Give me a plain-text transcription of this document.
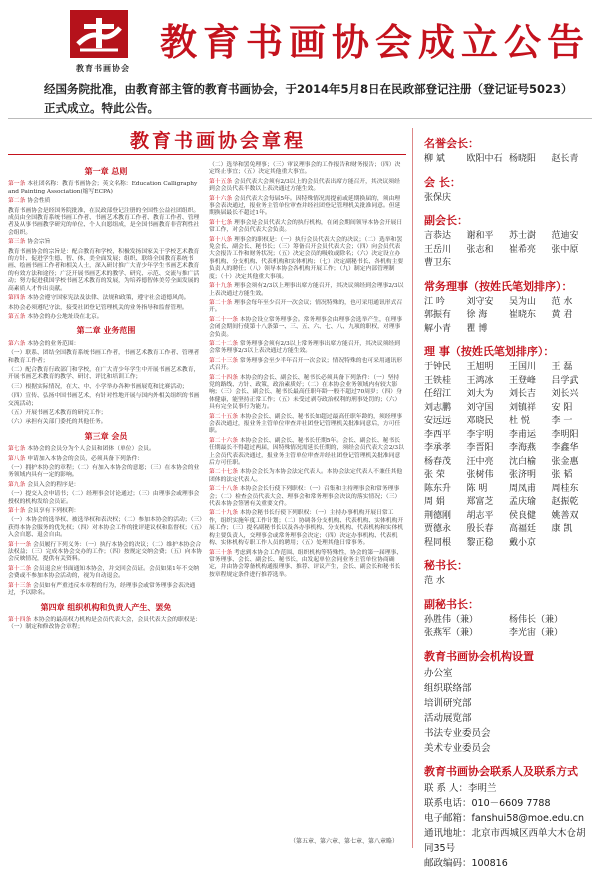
教育书画协会
教育书画协会成立公告
经国务院批准，由教育部主管的教育书画协会，于2014年5月8日在民政部登记注册（登记证号5023）
正式成立。特此公告。
教育书画协会章程
第一章 总则
第一条 本社团名称：教育书画协会；英文名称：Education Calligraphy and Painting Association(缩写ECPA)
第二条 协会性质
教育书画协会是经国务院批准，在民政部登记注册的全国性公益社团组织。成员由全国教育系统书画工作者、书画艺术教育工作者、教育工作者、管理者及从事书画教学研究的单位、个人自愿组成，是全国书画教育非营利性社会组织。
第三条 协会宗旨
教育书画协会的宗旨是：配合教育和学校，积极发扬国家关于学校艺术教育的方针、促进学生德、智、体、美全面发展；组织、联络全国教育系统书画、绘画书画工作者和相关人士，深入研讨推广大青少年学生书画艺术教育的有效方法和途径；广泛开展书画艺术的教学、研究、示范、交流与推广活动；努力促进我国学校书画艺术教育的发展，为培养德智体美劳全面发展的高素质人才作出贡献。
第四条 本协会遵守国家宪法及法律、法规和政策，遵守社会道德风尚。
本协会必须遵纪守法，接受社团登记管理机关的业务指导和监督管理。
第五条 本协会的办公地址设在北京。
第二章 业务范围
第六条 本协会的业务范围：
（一）联系、团结全国教育系统书画工作者，书画艺术教育工作者、管理者和教育工作者；
（二）配合教育行政部门和学校，在广大青少年学生中开展书画艺术教育，开展书画艺术教育的教学、研讨、评比和培训工作；
（三）根据实际情况，在大、中、小学举办各种书画展览和比赛活动；
（四）宣传、弘扬中国书画艺术，有针对性地开展与国内外相关组织的书画交流活动；
（五）开展书画艺术教育的研究工作；
（六）承担有关部门委托的其他任务。
第三章 会员
第七条 本协会的会员分为个人会员和团体（单位）会员。
第八条 申请加入本协会的会员，必须具备下列条件：
（一）拥护本协会的章程；（二）有加入本协会的意愿；（三）在本协会的业务领域内具有一定的影响。
第九条 会员入会的程序是：
（一）提交入会申请书；（二）经理事会讨论通过；（三）由理事会或理事会授权的机构发给会员证。
第十条 会员享有下列权利：
（一）本协会的选举权、被选举权和表决权；（二）参加本协会的活动；（三）获得本协会服务的优先权；（四）对本协会工作的批评建议权和监督权；（五）入会自愿、退会自由。
第十一条 会员履行下列义务：（一）执行本协会的决议；（二）维护本协会合法权益；（三）完成本协会交办的工作；（四）按规定交纳会费；（五）向本协会反映情况，提供有关资料。
第十二条 会员退会应书面通知本协会，并交回会员证。会员如果1年不交纳会费或不参加本协会活动的，视为自动退会。
第十三条 会员如有严重违反本章程的行为，经理事会或常务理事会表决通过，予以除名。
第四章 组织机构和负责人产生、罢免
第十四条 本协会的最高权力机构是会员代表大会，会员代表大会的职权是：（一）制定和修改协会章程；
（二）选举和罢免理事；（三）审议理事会的工作报告和财务报告；（四）决定终止事宜；（五）决定其他重大事宜。
第十五条 会员代表大会须有2/3以上的会员代表出席方能召开，其决议须经到会会员代表半数以上表决通过方能生效。
第十六条 会员代表大会每届5年。因特殊情况需提前或延期换届的，须由理事会表决通过，报业务主管单位审查并经社团登记管理机关批准同意。但延期换届最长不超过1年。
第十七条 理事会是会员代表大会的执行机构，在闭会期间领导本协会开展日常工作，对会员代表大会负责。
第十八条 理事会的职权是：（一）执行会员代表大会的决议；（二）选举和罢免会长、副会长、秘书长；（三）筹备召开会员代表大会；（四）向会员代表大会报告工作和财务状况；（五）决定会员的吸收或除名；（六）决定设立办事机构、分支机构、代表机构和实体机构；（七）决定副秘书长、各机构主要负责人的聘任；（八）领导本协会各机构开展工作；（九）制定内部管理制度；（十）决定其他重大事项。
第十九条 理事会须有2/3以上理事出席方能召开，其决议须经到会理事2/3以上表决通过方能生效。
第二十条 理事会每年至少召开一次会议；情况特殊的，也可采用通讯形式召开。
第二十一条 本协会设立常务理事会。常务理事会由理事会选举产生，在理事会闭会期间行使第十八条第一、三、五、六、七、八、九项的职权，对理事会负责。
第二十二条 常务理事会须有2/3以上常务理事出席方能召开，其决议须经到会常务理事2/3以上表决通过方能生效。
第二十三条 常务理事会至少半年召开一次会议；情况特殊的也可采用通讯形式召开。
第二十四条 本协会的会长、副会长、秘书长必须具备下列条件：（一）坚持党的路线、方针、政策，政治素质好；（二）在本协会业务领域内有较大影响；（三）会长、副会长、秘书长最高任职年龄一般不超过70周岁；（四）身体健康，能坚持正常工作；（五）未受过剥夺政治权利的刑事处罚的；（六）具有完全民事行为能力。
第二十五条 本协会会长、副会长、秘书长如超过最高任职年龄的，须经理事会表决通过，报业务主管单位审查并社团登记管理机关批准同意后，方可任职。
第二十六条 本协会会长、副会长、秘书长任期5年。会长、副会长、秘书长任期最长不得超过两届，因特殊情况需延长任期的，须经会员代表大会2/3以上会员代表表决通过，报业务主管单位审查并经社团登记管理机关批准同意后方可任职。
第二十七条 本协会会长为本协会法定代表人。本协会法定代表人不兼任其他团体的法定代表人。
第二十八条 本协会会长行使下列职权：（一）召集和主持理事会和常务理事会；（二）检查会员代表大会、理事会和常务理事会决议的落实情况；（三）代表本协会签署有关重要文件。
第二十九条 本协会秘书长行使下列职权：（一）主持办事机构开展日常工作，组织实施年度工作计划；（二）协调各分支机构、代表机构、实体机构开展工作；（三）提名副秘书长以及各办事机构、分支机构、代表机构和实体机构主要负责人，交理事会或常务理事会决定；（四）决定办事机构、代表机构、实体机构专职工作人员的聘用；（五）处理其他日常事务。
第三十条 考虑到本协会工作范围、组织机构等特殊性，协会的第一届理事、常务理事、会长、副会长、秘书长，由发起单位会同业务主管单位协商确定，并由协会筹备机构通报理事、推荐、评议产生，会长、副会长和秘书长按章程规定条件进行推荐选举。
（第五章、第六章、第七章、第八章略）
名誉会长：
柳 斌	欧阳中石 杨晓阳	赵长青
会 长：
张保庆
副会长：
言恭达	谢和平	苏士澍	范迪安
王岳川	张志和	崔希亮	张中原
曹卫东
常务理事（按姓氏笔划排序）：
江 吟	刘守安	吴为山	范 水
郭振有	徐 海	崔晓东	黄 君
解小青	瞿 博
理 事（按姓氏笔划排序）：
于钟民	王旭明	王国川	王 磊
王铁桂	王鸿冰	王登峰	吕学武
任绍江	刘大为	刘长吉	刘长兴
刘志鹏	刘守国	刘镇祥	安 阳
安远远	邓晓民	杜 悦	李 一
李西平	李宇明	李甫运	李明阳
李承孝	李晋阳	李海燕	李鑫华
杨春茂	汪中亮	沈白榆	张金惠
张 荣	张树伟	张济明	张 韬
陈东升	陈 明	周凤甫	周桂东
周 娟	郑富芝	孟庆瑜	赵振乾
荆德刚	胡志平	侯良健	姚善双
贾德永	殷长春	高福廷	康 凯
程同根	黎正稳	戴小京
秘书长：
范 水
副秘书长：
孙胜伟（兼）	杨伟长（兼）
张燕军（兼）	李光宙（兼）
教育书画协会机构设置
办公室
组织联络部
培训研究部
活动展览部
书法专业委员会
美术专业委员会
教育书画协会联系人及联系方式
联 系 人：李明兰
联系电话：010－6609 7788
电子邮箱：fanshui58@moe.edu.cn
通讯地址：北京市西城区西单大木仓胡同35号
邮政编码：100816
